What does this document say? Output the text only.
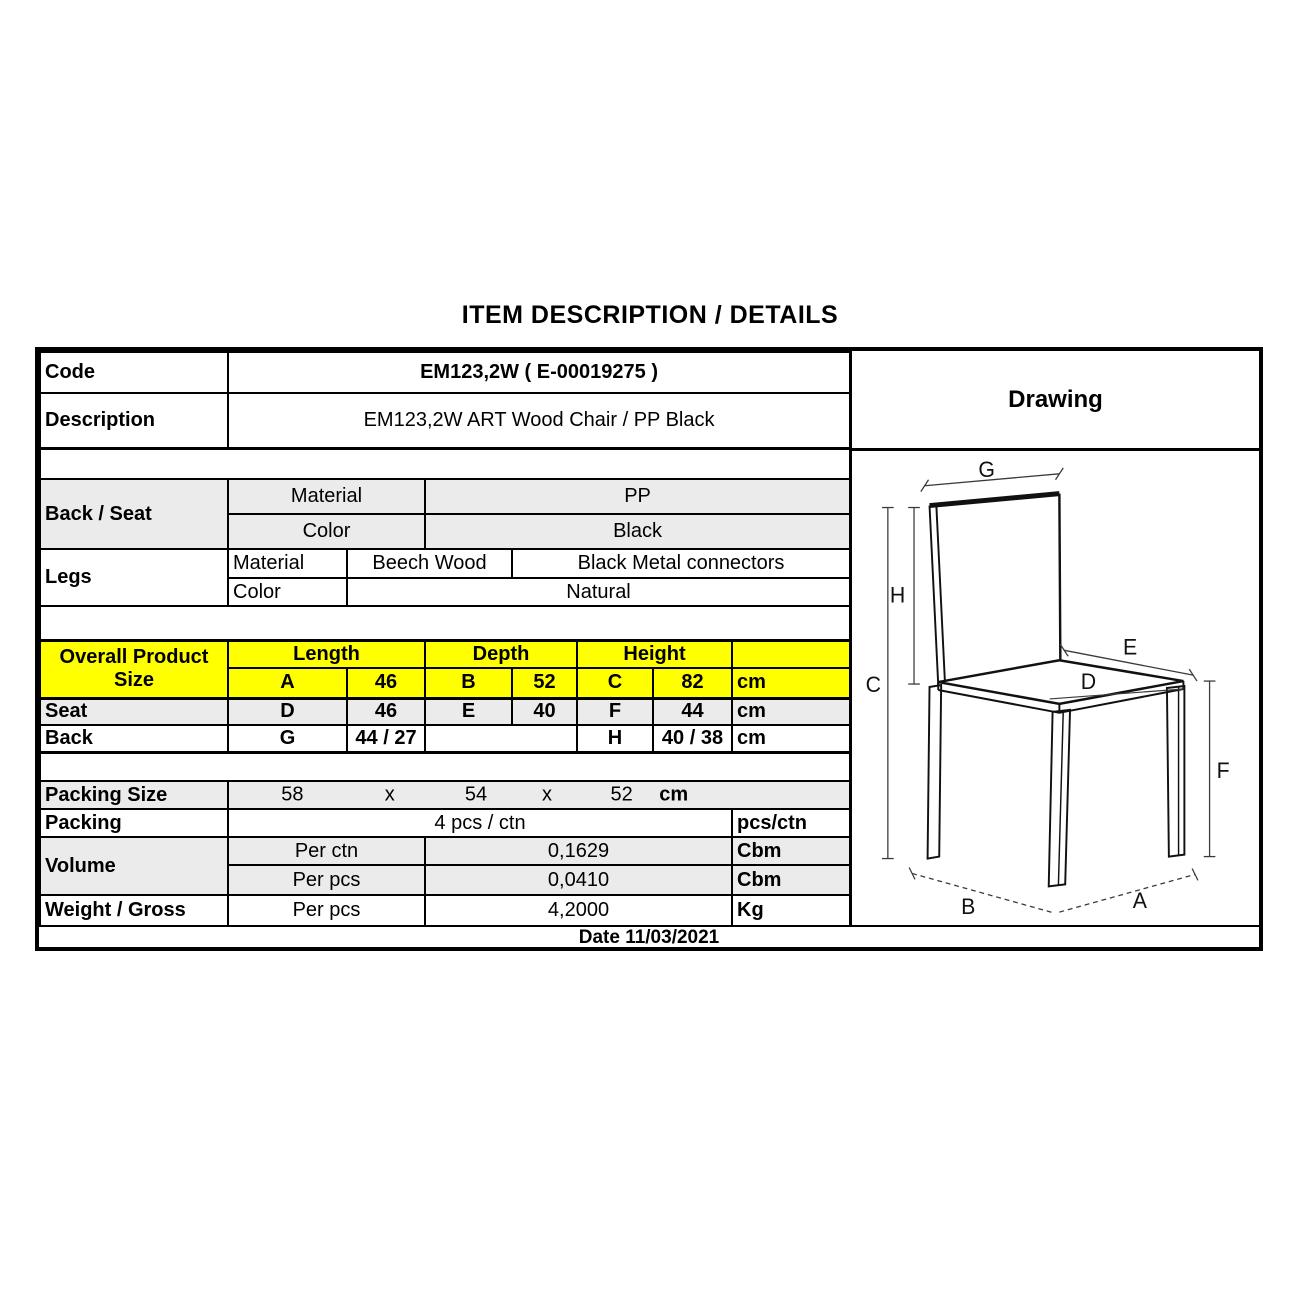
ITEM DESCRIPTION / DETAILS
Code	EM123,2W ( E-00019275 )						
Description	EM123,2W ART Wood Chair / PP Black						

Back / Seat	Material		PP				
	Color		Black				
Legs	Material	Beech Wood		Black Metal connectors			
	Color	Natural					

Overall Product
Size	Length		Depth		Height		
	A	46	B	52	C	82	cm
Seat	D	46	E	40	F	44	cm
Back	G	44 / 27			H	40 / 38	cm

Packing Size	58	x	54	x	52 cm

Packing	4 pcs / ctn						pcs/ctn
Volume	Per ctn		0,1629				Cbm
	Per pcs		0,0410				Cbm
Weight / Gross	Per pcs		4,2000				Kg
Drawing
G
H
C
E
D
F
B	A
Date 11/03/2021
